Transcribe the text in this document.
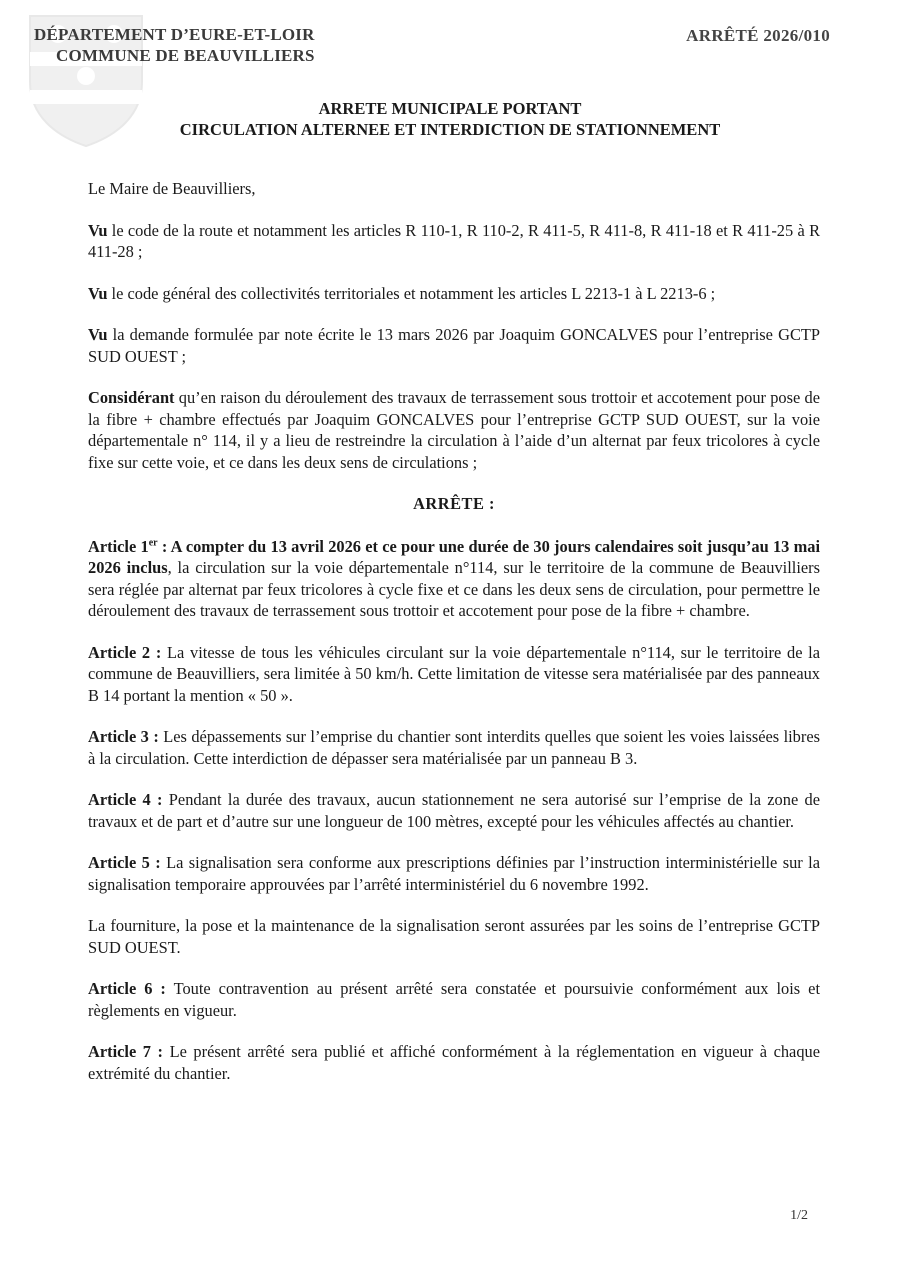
DÉPARTEMENT D’EURE-ET-LOIR
COMMUNE DE BEAUVILLIERS
ARRÊTÉ 2026/010
ARRETE MUNICIPALE PORTANT
CIRCULATION ALTERNEE ET INTERDICTION DE STATIONNEMENT

Le Maire de Beauvilliers,

Vu le code de la route et notamment les articles R 110-1, R 110-2, R 411-5, R 411-8, R 411-18 et R 411-25 à R 411-28 ;

Vu le code général des collectivités territoriales et notamment les articles L 2213-1 à L 2213-6 ;

Vu la demande formulée par note écrite le 13 mars 2026 par Joaquim GONCALVES pour l’entreprise GCTP SUD OUEST ;

Considérant qu’en raison du déroulement des travaux de terrassement sous trottoir et accotement pour pose de la fibre + chambre effectués par Joaquim GONCALVES pour l’entreprise GCTP SUD OUEST, sur la voie départementale n° 114, il y a lieu de restreindre la circulation à l’aide d’un alternat par feux tricolores à cycle fixe sur cette voie, et ce dans les deux sens de circulations ;

ARRÊTE :

Article 1er : A compter du 13 avril 2026 et ce pour une durée de 30 jours calendaires soit jusqu’au 13 mai 2026 inclus, la circulation sur la voie départementale n°114, sur le territoire de la commune de Beauvilliers sera réglée par alternat par feux tricolores à cycle fixe et ce dans les deux sens de circulation, pour permettre le déroulement des travaux de terrassement sous trottoir et accotement pour pose de la fibre + chambre.

Article 2 : La vitesse de tous les véhicules circulant sur la voie départementale n°114, sur le territoire de la commune de Beauvilliers, sera limitée à 50 km/h. Cette limitation de vitesse sera matérialisée par des panneaux B 14 portant la mention « 50 ».

Article 3 : Les dépassements sur l’emprise du chantier sont interdits quelles que soient les voies laissées libres à la circulation. Cette interdiction de dépasser sera matérialisée par un panneau B 3.

Article 4 : Pendant la durée des travaux, aucun stationnement ne sera autorisé sur l’emprise de la zone de travaux et de part et d’autre sur une longueur de 100 mètres, excepté pour les véhicules affectés au chantier.

Article 5 : La signalisation sera conforme aux prescriptions définies par l’instruction interministérielle sur la signalisation temporaire approuvées par l’arrêté interministériel du 6 novembre 1992.

La fourniture, la pose et la maintenance de la signalisation seront assurées par les soins de l’entreprise GCTP SUD OUEST.

Article 6 : Toute contravention au présent arrêté sera constatée et poursuivie conformément aux lois et règlements en vigueur.

Article 7 : Le présent arrêté sera publié et affiché conformément à la réglementation en vigueur à chaque extrémité du chantier.

1/2
